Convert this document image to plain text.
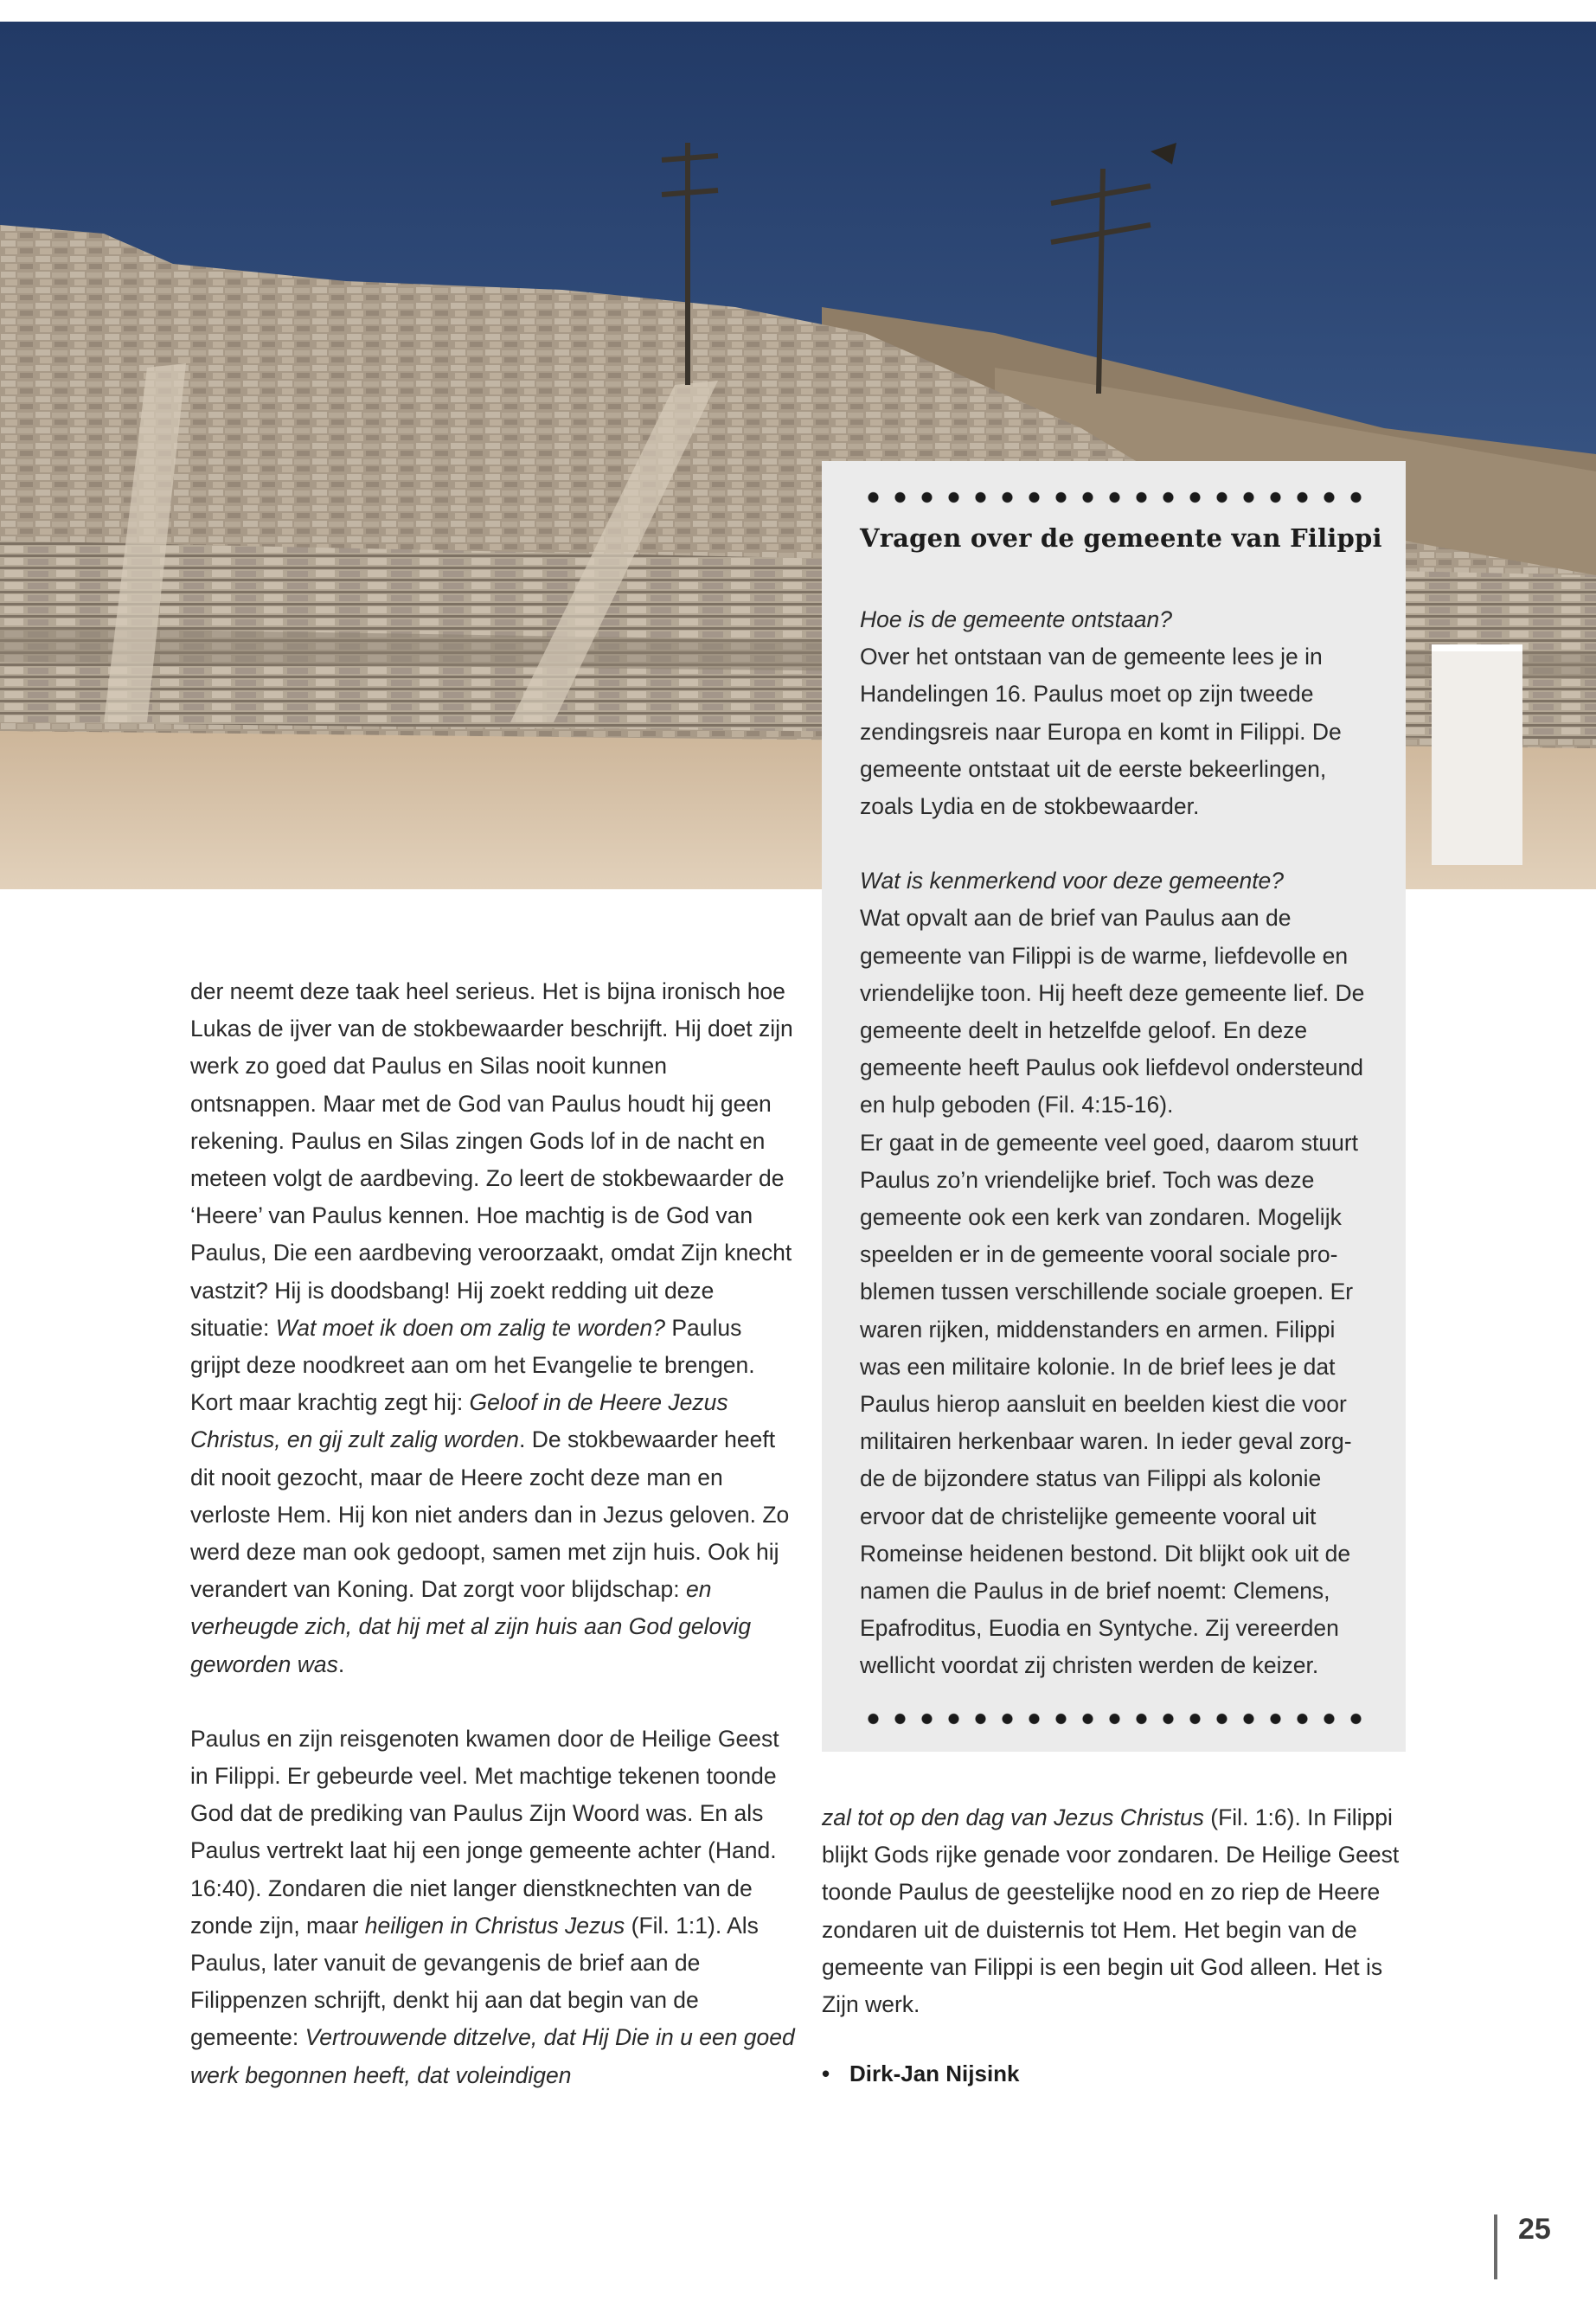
Vragen over de gemeente van Filippi

Hoe is de gemeente ontstaan?

Over het ontstaan van de gemeente lees je in Handelingen 16. Paulus moet op zijn tweede zendingsreis naar Europa en komt in Filippi. De gemeente ontstaat uit de eerste bekeerlingen, zoals Lydia en de stokbewaarder.

Wat is kenmerkend voor deze gemeente?

Wat opvalt aan de brief van Paulus aan de gemeente van Filippi is de warme, liefdevolle en vriendelijke toon. Hij heeft deze gemeente lief. De gemeente deelt in hetzelfde geloof. En deze gemeente heeft Paulus ook liefdevol ondersteund en hulp geboden (Fil. 4:15-16).

Er gaat in de gemeente veel goed, daarom stuurt Paulus zo’n vriendelijke brief. Toch was deze gemeente ook een kerk van zondaren. Mogelijk speelden er in de gemeente vooral sociale problemen tussen verschillende sociale groepen. Er waren rijken, middenstanders en armen. Filippi was een militaire kolonie. In de brief lees je dat Paulus hierop aansluit en beelden kiest die voor militairen herkenbaar waren. In ieder geval zorgde de bijzondere status van Filippi als kolonie ervoor dat de christelijke gemeente vooral uit Romeinse heidenen bestond. Dit blijkt ook uit de namen die Paulus in de brief noemt: Clemens, Epafroditus, Euodia en Syntyche. Zij vereerden wellicht voordat zij christen werden de keizer.

der neemt deze taak heel serieus. Het is bijna ironisch hoe Lukas de ijver van de stokbewaarder beschrijft. Hij doet zijn werk zo goed dat Paulus en Silas nooit kunnen ontsnappen. Maar met de God van Paulus houdt hij geen rekening. Paulus en Silas zingen Gods lof in de nacht en meteen volgt de aardbeving. Zo leert de stokbewaarder de ‘Heere’ van Paulus kennen. Hoe machtig is de God van Paulus, Die een aardbeving veroorzaakt, omdat Zijn knecht vastzit? Hij is doodsbang! Hij zoekt redding uit deze situatie: Wat moet ik doen om zalig te worden? Paulus grijpt deze noodkreet aan om het Evangelie te brengen. Kort maar krachtig zegt hij: Geloof in de Heere Jezus Christus, en gij zult zalig worden. De stokbewaarder heeft dit nooit gezocht, maar de Heere zocht deze man en verloste Hem. Hij kon niet anders dan in Jezus geloven. Zo werd deze man ook gedoopt, samen met zijn huis. Ook hij verandert van Koning. Dat zorgt voor blijdschap: en verheugde zich, dat hij met al zijn huis aan God gelovig geworden was.

Paulus en zijn reisgenoten kwamen door de Heilige Geest in Filippi. Er gebeurde veel. Met machtige tekenen toonde God dat de prediking van Paulus Zijn Woord was. En als Paulus vertrekt laat hij een jonge gemeente achter (Hand. 16:40). Zondaren die niet langer dienstknechten van de zonde zijn, maar heiligen in Christus Jezus (Fil. 1:1). Als Paulus, later vanuit de gevangenis de brief aan de Filippenzen schrijft, denkt hij aan dat begin van de gemeente: Vertrouwende ditzelve, dat Hij Die in u een goed werk begonnen heeft, dat voleindigen

zal tot op den dag van Jezus Christus (Fil. 1:6). In Filippi blijkt Gods rijke genade voor zondaren. De Heilige Geest toonde Paulus de geestelijke nood en zo riep de Heere zondaren uit de duisternis tot Hem. Het begin van de gemeente van Filippi is een begin uit God alleen. Het is Zijn werk.

• Dirk-Jan Nijsink
25
